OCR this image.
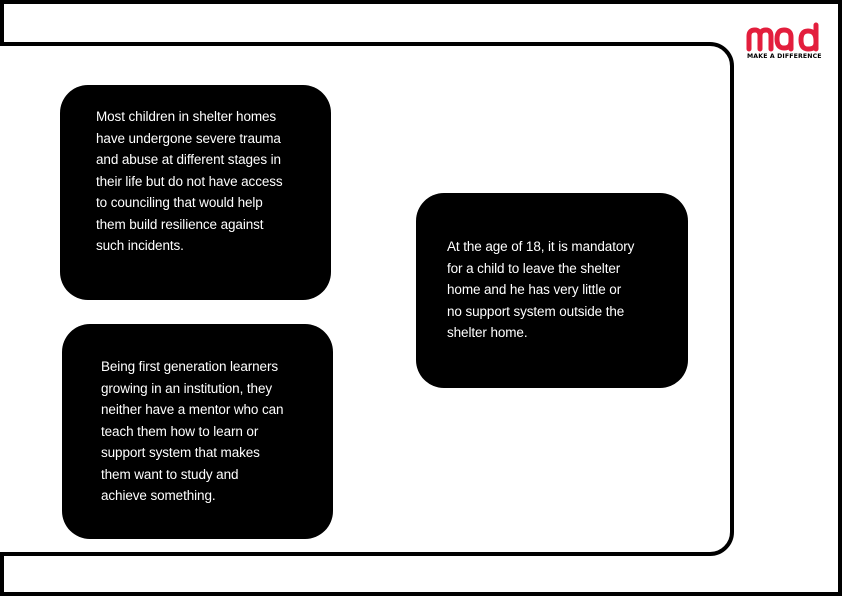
Most children in shelter homes
have undergone severe trauma
and abuse at different stages in
their life but do not have access
to counciling that would help
them build resilience against
such incidents.
Being first generation learners
growing in an institution, they
neither have a mentor who can
teach them how to learn or
support system that makes
them want to study and
achieve something.
At the age of 18, it is mandatory
for a child to leave the shelter
home and he has very little or
no support system outside the
shelter home.
MAKE A DIFFERENCE
